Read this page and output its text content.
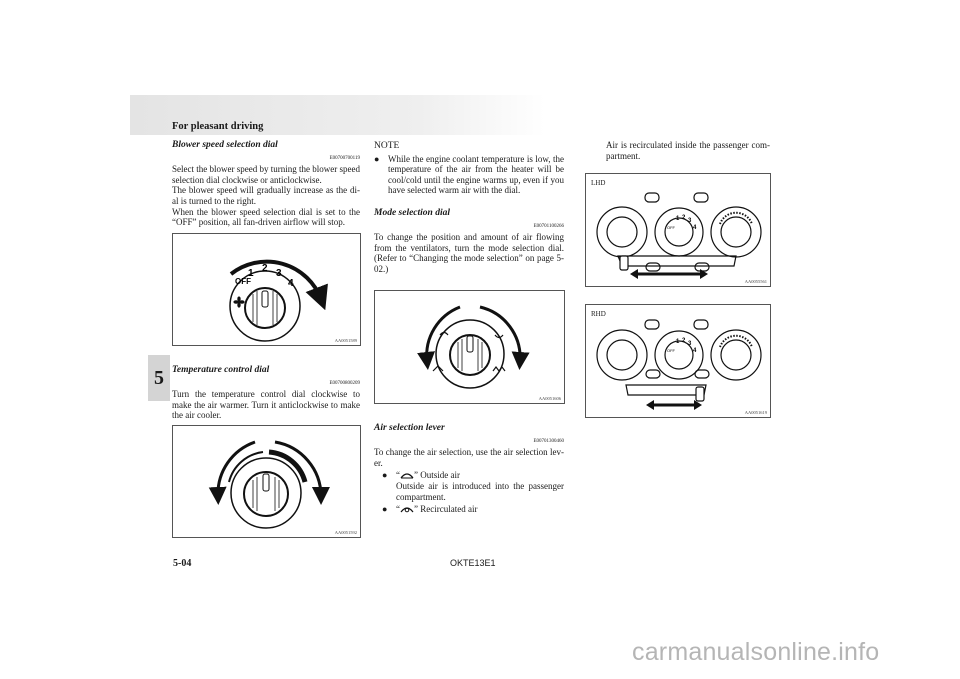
For pleasant driving
5
Blower speed selection dial
E00700700119

Select the blower speed by turning the blower speed selection dial clockwise or anticlockwise.

The blower speed will gradually increase as the di-al is turned to the right.

When the blower speed selection dial is set to the “OFF” position, all fan-driven airflow will stop.

OFF
1 2 3
4
AA0051589
Temperature control dial
E00700800209

Turn the temperature control dial clockwise to make the air warmer. Turn it anticlockwise to make the air cooler.

AA0051592
NOTE
● While the engine coolant temperature is low, the temperature of the air from the heater will be cool/cold until the engine warms up, even if you have selected warm air with the dial.
Mode selection dial
E00701100266

To change the position and amount of air flowing from the ventilators, turn the mode selection dial. (Refer to “Changing the mode selection” on page 5-02.)

AA0051606
Air selection lever
E00701300460

To change the air selection, use the air selection lev-er.

● “ ” Outside air
Outside air is introduced into the passenger compartment.
● “ ” Recirculated air

Air is recirculated inside the passenger com-partment.

LHD
OFF
1 2 3
4
AA0055561
RHD
OFF
1 2 3
4
AA0051619
5-04	OKTE13E1
carmanualsonline.info
